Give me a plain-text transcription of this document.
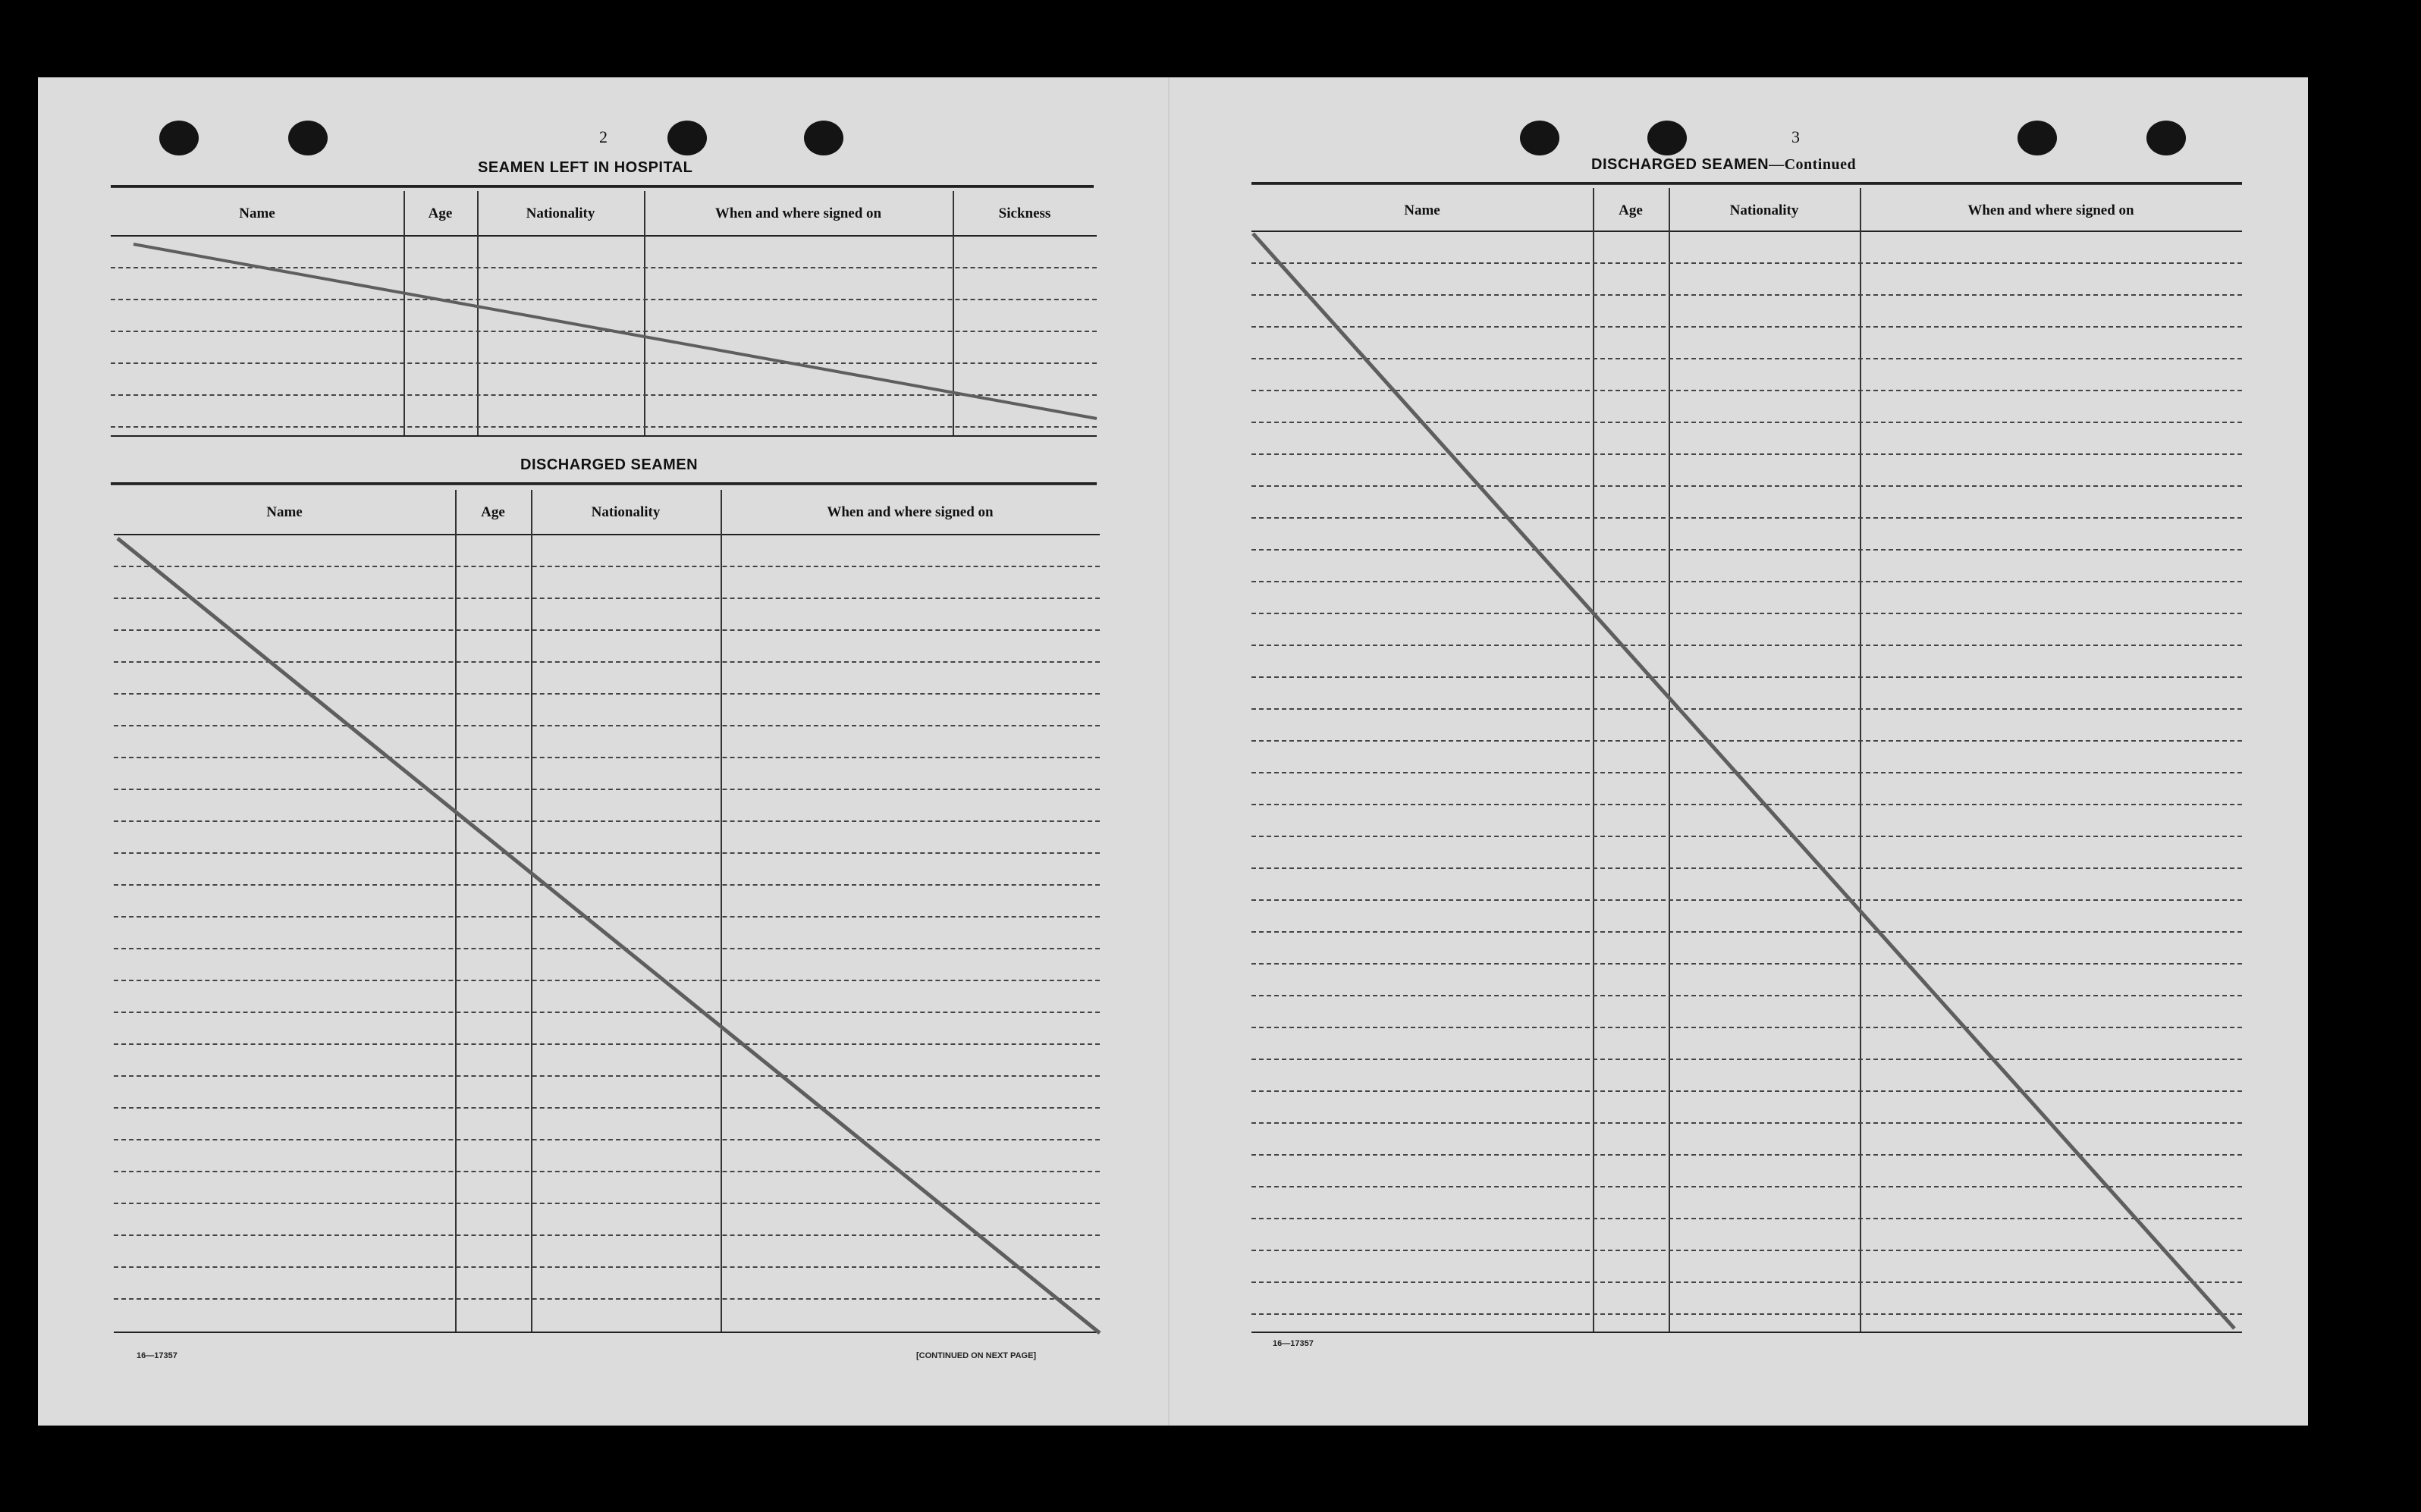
2
SEAMEN LEFT IN HOSPITAL
Name	Age	Nationality	When and where signed on	Sickness
DISCHARGED SEAMEN
Name	Age	Nationality	When and where signed on
16—17357	[CONTINUED ON NEXT PAGE]
3
DISCHARGED SEAMEN—Continued
Name	Age	Nationality	When and where signed on
16—17357
